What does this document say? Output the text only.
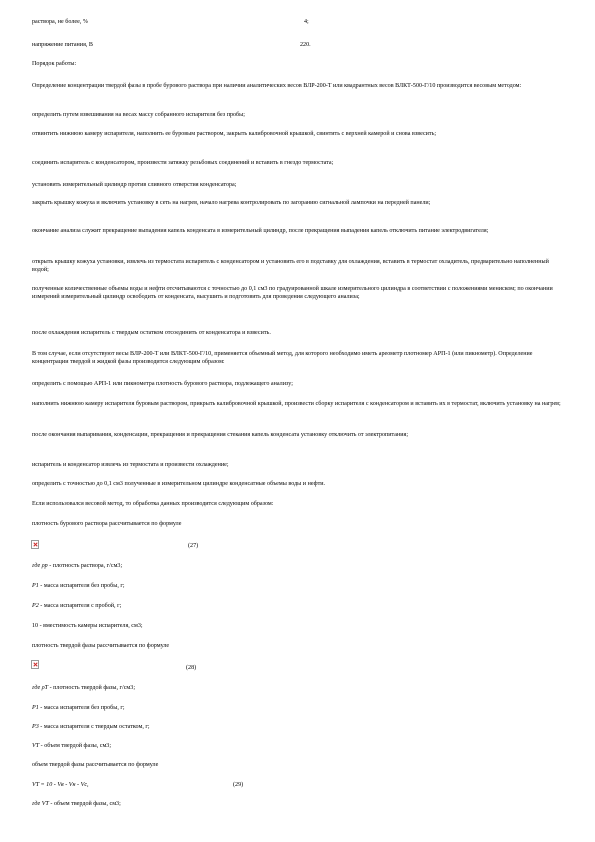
раствора, не более, %	4;

напряжение питания, В	220.

Порядок работы:

Определение концентрации твердой фазы в пробе бурового раствора при наличии аналитических весов ВЛР-200-Т или квадрантных весов ВЛКТ-500-Г/10 производится весовым методом:

определить путем взвешивания на весах массу собранного испарителя без пробы;

отвинтить нижнюю камеру испарителя, наполнить ее буровым раствором, закрыть калибровочной крышкой, свинтить с верхней камерой и снова взвесить;

соединить испаритель с конденсатором, произвести затяжку резьбовых соединений и вставить в гнездо термостата;

установить измерительный цилиндр против сливного отверстия конденсатора;

закрыть крышку кожуха и включить установку в сеть на нагрев, начало нагрева контролировать по загоранию сигнальной лампочки на передней панели;

окончание анализа служит прекращение выпадения капель конденсата в измерительный цилиндр, после прекращения выпадения капель отключить питание электродвигателя;

открыть крышку кожуха установки, извлечь из термостата испаритель с конденсатором и установить его в подставку для охлаждения, вставить в термостат охладитель, предварительно наполненный водой;

полученные количественные объемы воды и нефти отсчитываются с точностью до 0,1 см3 по градуированной шкале измерительного цилиндра в соответствии с положениями мениском; по окончании измерений измерительный цилиндр освободить от конденсата, высушить и подготовить для проведения следующего анализа;

после охлаждения испаритель с твердым остатком отсоединить от конденсатора и взвесить.

В том случае, если отсутствуют весы ВЛР-200-Т или ВЛКТ-500-Г/10, применяется объемный метод, для которого необходимо иметь ареометр плотномер АРП-1 (или пикнометр). Определение концентрации твердой и жидкой фазы производится следующим образом:

определить с помощью АРП-1 или пикнометра плотность бурового раствора, подлежащего анализу;

наполнить нижнюю камеру испарителя буровым раствором, прикрыть калибровочной крышкой, произвести сборку испарителя с конденсатором и вставить их в термостат, включить установку на нагрев;

после окончания выпаривания, конденсации, прекращения и прекращения стекания капель конденсата установку отключить от электропитания;

испаритель и конденсатор извлечь из термостата и произвести охлаждение;

определить с точностью до 0,1 см3 полученные в измерительном цилиндре конденсатные объемы воды и нефти.

Если использовался весовой метод, то обработка данных производится следующим образом:

плотность бурового раствора рассчитывается по формуле

(27)

где ρр - плотность раствора, г/см3;

P1 - масса испарителя без пробы, г;

P2 - масса испарителя с пробой, г;

10 - вместимость камеры испарителя, см3;

плотность твердой фазы рассчитывается по формуле

(28)

где ρT - плотность твердой фазы, г/см3;

P1 - масса испарителя без пробы, г;

P3 - масса испарителя с твердым остатком, г;

VT - объем твердой фазы, см3;

объем твердой фазы рассчитывается по формуле

VT = 10 - Vв - Vн - Vc,	(29)

где VT - объем твердой фазы, см3;
